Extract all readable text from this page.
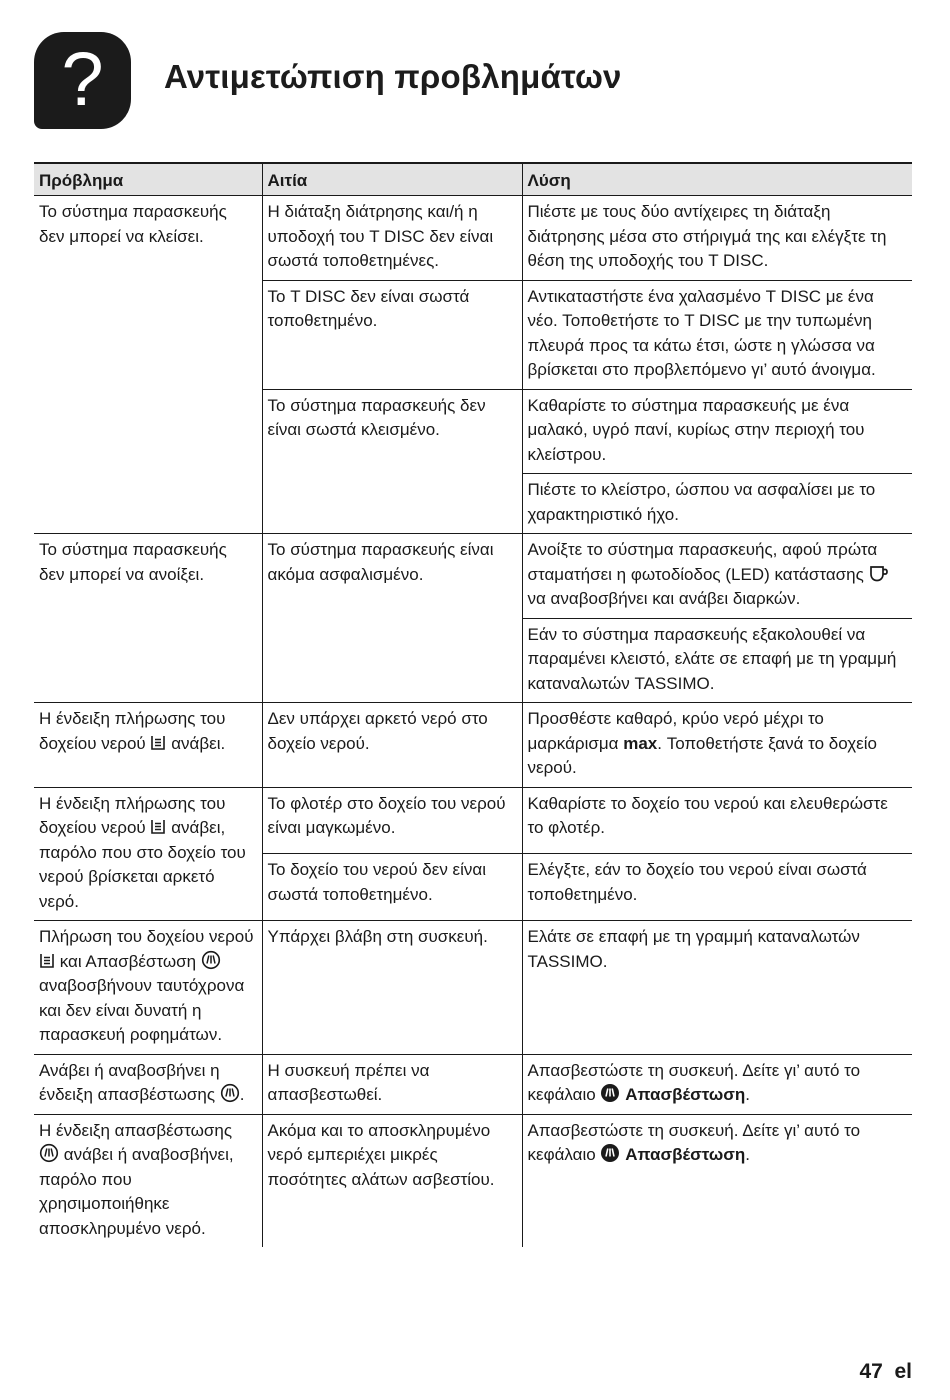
?	Αντιμετώπιση προβλημάτων
Πρόβλημα	Αιτία	Λύση
Το σύστημα παρασκευής δεν μπορεί να κλείσει.	Η διάταξη διάτρησης και/ή η υποδοχή του T DISC δεν είναι σωστά τοποθετημένες.	Πιέστε με τους δύο αντίχειρες τη διάταξη διάτρησης μέσα στο στήριγμά της και ελέγξτε τη θέση της υποδοχής του T DISC.
	Το T DISC δεν είναι σωστά τοποθετημένο.	Αντικαταστήστε ένα χαλασμένο T DISC με ένα νέο. Τοποθετήστε το T DISC με την τυπωμένη πλευρά προς τα κάτω έτσι, ώστε η γλώσσα να βρίσκεται στο προβλεπόμενο γι’ αυτό άνοιγμα.
	Το σύστημα παρασκευής δεν είναι σωστά κλεισμένο.	Καθαρίστε το σύστημα παρασκευής με ένα μαλακό, υγρό πανί, κυρίως στην περιοχή του κλείστρου.
		Πιέστε το κλείστρο, ώσπου να ασφαλίσει με το χαρακτηριστικό ήχο.
Το σύστημα παρασκευής δεν μπορεί να ανοίξει.	Το σύστημα παρασκευής είναι ακόμα ασφαλισμένο.	Ανοίξτε το σύστημα παρασκευής, αφού πρώτα σταματήσει η φωτοδίοδος (LED) κατάστασης  να αναβοσβήνει και ανάβει διαρκών.
		Εάν το σύστημα παρασκευής εξακολουθεί να παραμένει κλειστό, ελάτε σε επαφή με τη γραμμή καταναλωτών TASSIMO.
Η ένδειξη πλήρωσης του δοχείου νερού ανάβει.	Δεν υπάρχει αρκετό νερό στο δοχείο νερού.	Προσθέστε καθαρό, κρύο νερό μέχρι το μαρκάρισμα max. Τοποθετήστε ξανά το δοχείο νερού.
Η ένδειξη πλήρωσης του δοχείου νερού ανάβει, παρόλο που στο δοχείο του νερού βρίσκεται αρκετό νερό.	Το φλοτέρ στο δοχείο του νερού είναι μαγκωμένο.	Καθαρίστε το δοχείο του νερού και ελευθερώστε το φλοτέρ.
	Το δοχείο του νερού δεν είναι σωστά τοποθετημένο.	Ελέγξτε, εάν το δοχείο του νερού είναι σωστά τοποθετημένο.
Πλήρωση του δοχείου νερού  και Απασβέστωση  αναβοσβήνουν ταυτόχρονα και δεν είναι δυνατή η παρασκευή ροφημάτων.	Υπάρχει βλάβη στη συσκευή.	Ελάτε σε επαφή με τη γραμμή καταναλωτών TASSIMO.
Ανάβει ή αναβοσβήνει η ένδειξη απασβέστωσης .	Η συσκευή πρέπει να απασβεστωθεί.	Απασβεστώστε τη συσκευή. Δείτε γι’ αυτό το κεφάλαιο Απασβέστωση.
Η ένδειξη απασβέστωσης  ανάβει ή αναβοσβήνει, παρόλο που χρησιμοποιήθηκε αποσκληρυμένο νερό.	Ακόμα και το αποσκληρυμένο νερό εμπεριέχει μικρές ποσότητες αλάτων ασβεστίου.	Απασβεστώστε τη συσκευή. Δείτε γι’ αυτό το κεφάλαιο Απασβέστωση.
47 el
